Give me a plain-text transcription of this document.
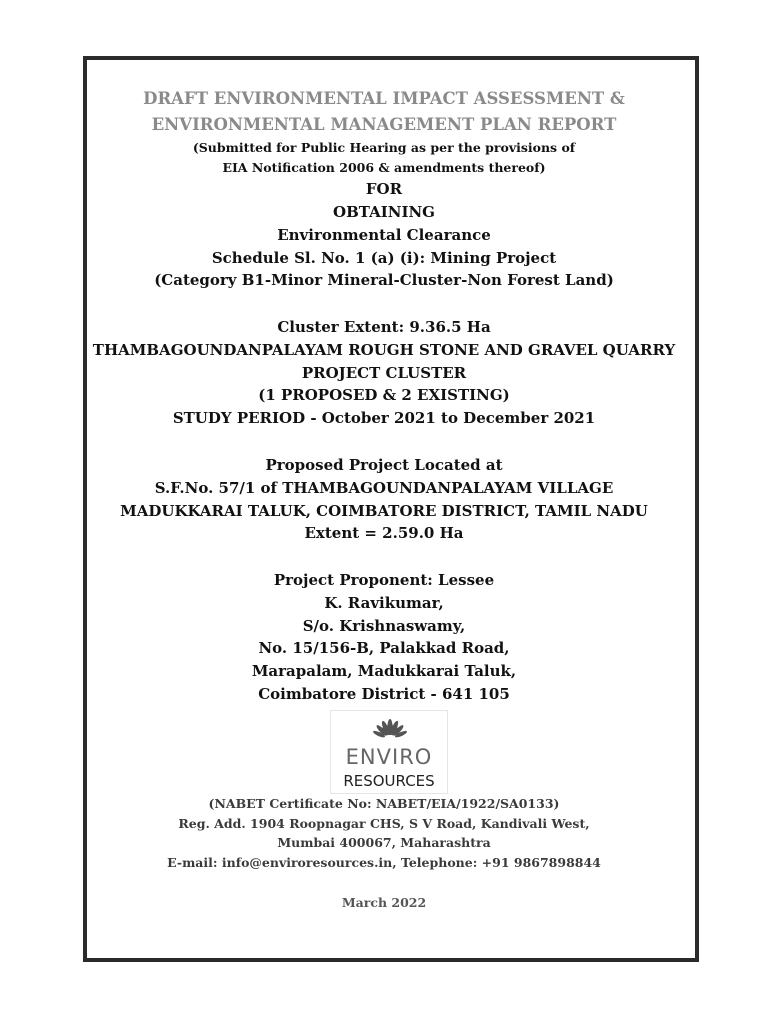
DRAFT ENVIRONMENTAL IMPACT ASSESSMENT &
ENVIRONMENTAL MANAGEMENT PLAN REPORT
(Submitted for Public Hearing as per the provisions of
EIA Notification 2006 & amendments thereof)
FOR
OBTAINING
Environmental Clearance
Schedule Sl. No. 1 (a) (i): Mining Project
(Category B1-Minor Mineral-Cluster-Non Forest Land)
Cluster Extent: 9.36.5 Ha
THAMBAGOUNDANPALAYAM ROUGH STONE AND GRAVEL QUARRY
PROJECT CLUSTER
(1 PROPOSED & 2 EXISTING)
STUDY PERIOD - October 2021 to December 2021
Proposed Project Located at
S.F.No. 57/1 of THAMBAGOUNDANPALAYAM VILLAGE
MADUKKARAI TALUK, COIMBATORE DISTRICT, TAMIL NADU
Extent = 2.59.0 Ha
Project Proponent: Lessee
K. Ravikumar,
S/o. Krishnaswamy,
No. 15/156-B, Palakkad Road,
Marapalam, Madukkarai Taluk,
Coimbatore District - 641 105
ENVIRO
RESOURCES
(NABET Certificate No: NABET/EIA/1922/SA0133)
Reg. Add. 1904 Roopnagar CHS, S V Road, Kandivali West,
Mumbai 400067, Maharashtra
E-mail: info@enviroresources.in, Telephone: +91 9867898844
March 2022
